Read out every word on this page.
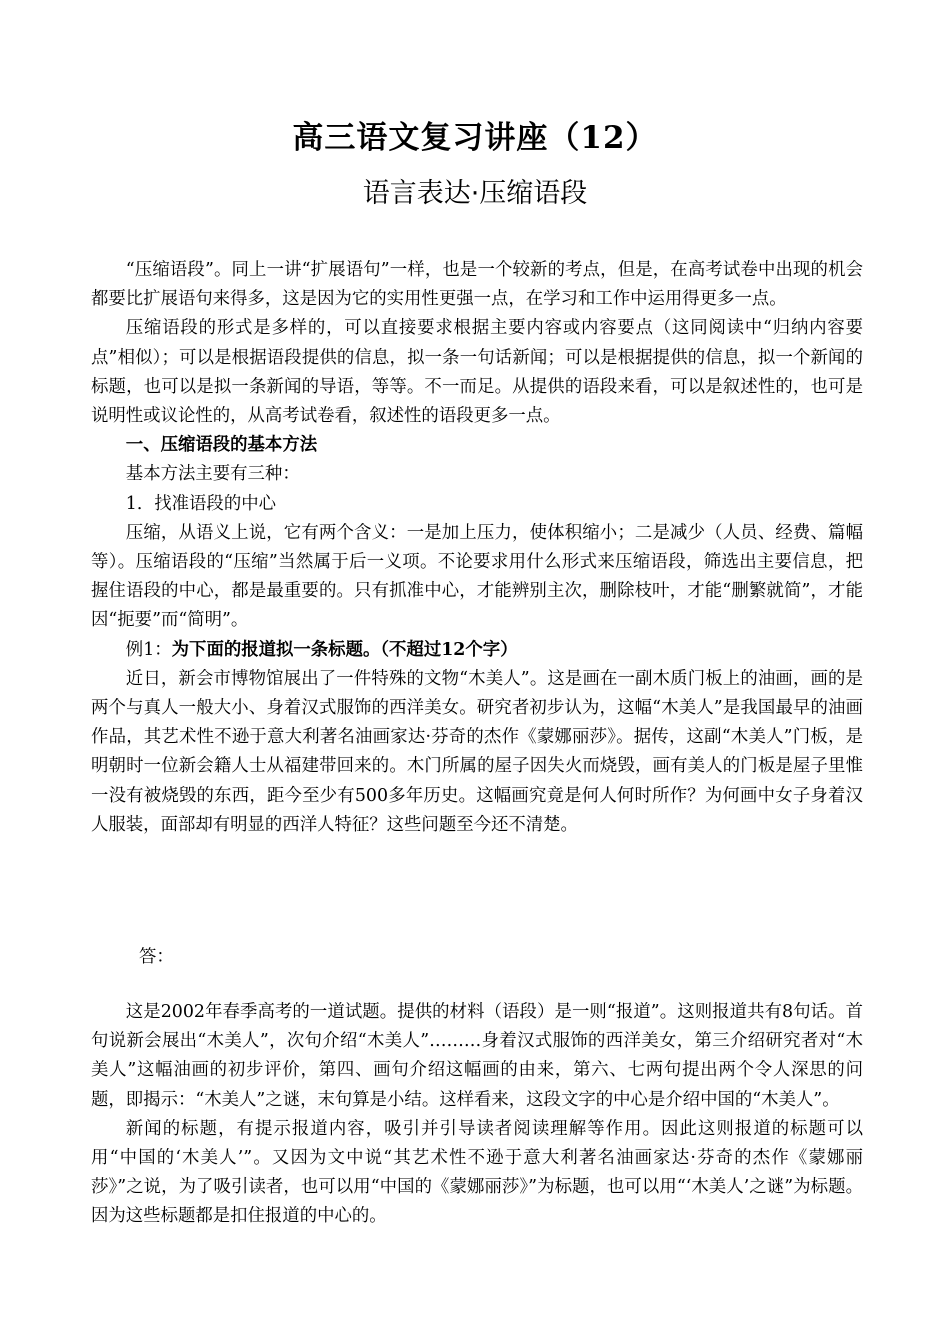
高三语文复习讲座（12）
语言表达·压缩语段

“压缩语段”。同上一讲“扩展语句”一样，也是一个较新的考点，但是，在高考试卷中出现的机会都要比扩展语句来得多，这是因为它的实用性更强一点，在学习和工作中运用得更多一点。

压缩语段的形式是多样的，可以直接要求根据主要内容或内容要点（这同阅读中“归纳内容要点”相似）；可以是根据语段提供的信息，拟一条一句话新闻；可以是根据提供的信息，拟一个新闻的标题，也可以是拟一条新闻的导语，等等。不一而足。从提供的语段来看，可以是叙述性的，也可是说明性或议论性的，从高考试卷看，叙述性的语段更多一点。

一、压缩语段的基本方法

基本方法主要有三种：

1．找准语段的中心

压缩，从语义上说，它有两个含义：一是加上压力，使体积缩小；二是减少（人员、经费、篇幅等）。压缩语段的“压缩”当然属于后一义项。不论要求用什么形式来压缩语段，筛选出主要信息，把握住语段的中心，都是最重要的。只有抓准中心，才能辨别主次，删除枝叶，才能“删繁就简”，才能因“扼要”而“简明”。

例1：为下面的报道拟一条标题。（不超过12个字）

近日，新会市博物馆展出了一件特殊的文物“木美人”。这是画在一副木质门板上的油画，画的是两个与真人一般大小、身着汉式服饰的西洋美女。研究者初步认为，这幅“木美人”是我国最早的油画作品，其艺术性不逊于意大利著名油画家达·芬奇的杰作《蒙娜丽莎》。据传，这副“木美人”门板，是明朝时一位新会籍人士从福建带回来的。木门所属的屋子因失火而烧毁，画有美人的门板是屋子里惟一没有被烧毁的东西，距今至少有500多年历史。这幅画究竟是何人何时所作？为何画中女子身着汉人服装，面部却有明显的西洋人特征？这些问题至今还不清楚。

答：

这是2002年春季高考的一道试题。提供的材料（语段）是一则“报道”。这则报道共有8句话。首句说新会展出“木美人”，次句介绍“木美人”………身着汉式服饰的西洋美女，第三介绍研究者对“木美人”这幅油画的初步评价，第四、画句介绍这幅画的由来，第六、七两句提出两个令人深思的问题，即揭示：“木美人”之谜，末句算是小结。这样看来，这段文字的中心是介绍中国的“木美人”。

新闻的标题，有提示报道内容，吸引并引导读者阅读理解等作用。因此这则报道的标题可以用“中国的‘木美人’”。又因为文中说“其艺术性不逊于意大利著名油画家达·芬奇的杰作《蒙娜丽莎》”之说，为了吸引读者，也可以用“中国的《蒙娜丽莎》”为标题，也可以用“‘木美人’之谜”为标题。因为这些标题都是扣住报道的中心的。
